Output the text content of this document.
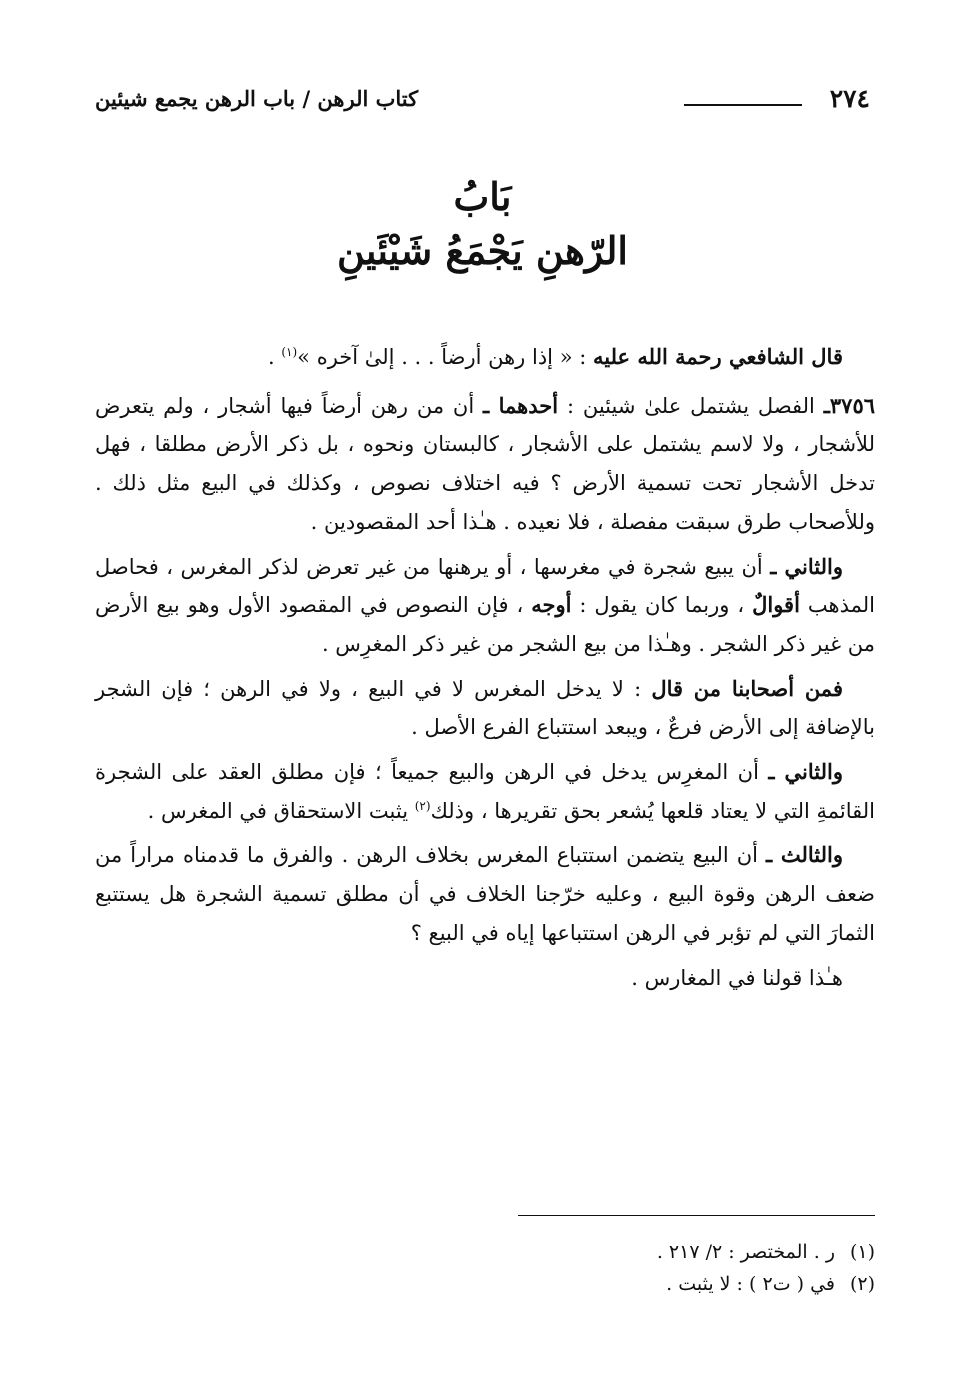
٢٧٤
كتاب الرهن / باب الرهن يجمع شيئين
بَابُ
الرّهنِ يَجْمَعُ شَيْئَينِ

قال الشافعي رحمة الله عليه : « إذا رهن أرضاً . . . إلىٰ آخره »$^{(١)}$ .

٣٧٥٦ـ الفصل يشتمل علىٰ شيئين : أحدهما ـ أن من رهن أرضاً فيها أشجار ، ولم يتعرض للأشجار ، ولا لاسم يشتمل على الأشجار ، كالبستان ونحوه ، بل ذكر الأرض مطلقا ، فهل تدخل الأشجار تحت تسمية الأرض ؟ فيه اختلاف نصوص ، وكذلك في البيع مثل ذلك . وللأصحاب طرق سبقت مفصلة ، فلا نعيده . هـٰذا أحد المقصودين .

والثاني ـ أن يبيع شجرة في مغرسها ، أو يرهنها من غير تعرض لذكر المغرس ، فحاصل المذهب أقوالٌ ، وربما كان يقول : أوجه ، فإن النصوص في المقصود الأول وهو بيع الأرض من غير ذكر الشجر . وهـٰذا من بيع الشجر من غير ذكر المغرِس .

فمن أصحابنا من قال : لا يدخل المغرس لا في البيع ، ولا في الرهن ؛ فإن الشجر بالإضافة إلى الأرض فرعٌ ، ويبعد استتباع الفرع الأصل .

والثاني ـ أن المغرِس يدخل في الرهن والبيع جميعاً ؛ فإن مطلق العقد على الشجرة القائمةِ التي لا يعتاد قلعها يُشعر بحق تقريرها ، وذلك$^{(٢)}$ يثبت الاستحقاق في المغرس .

والثالث ـ أن البيع يتضمن استتباع المغرس بخلاف الرهن . والفرق ما قدمناه مراراً من ضعف الرهن وقوة البيع ، وعليه خرّجنا الخلاف في أن مطلق تسمية الشجرة هل يستتبع الثمارَ التي لم تؤبر في الرهن استتباعها إياه في البيع ؟

هـٰذا قولنا في المغارس .

(١)ر . المختصر : ٢/ ٢١٧ .

(٢)في ( ت٢ ) : لا يثبت .
